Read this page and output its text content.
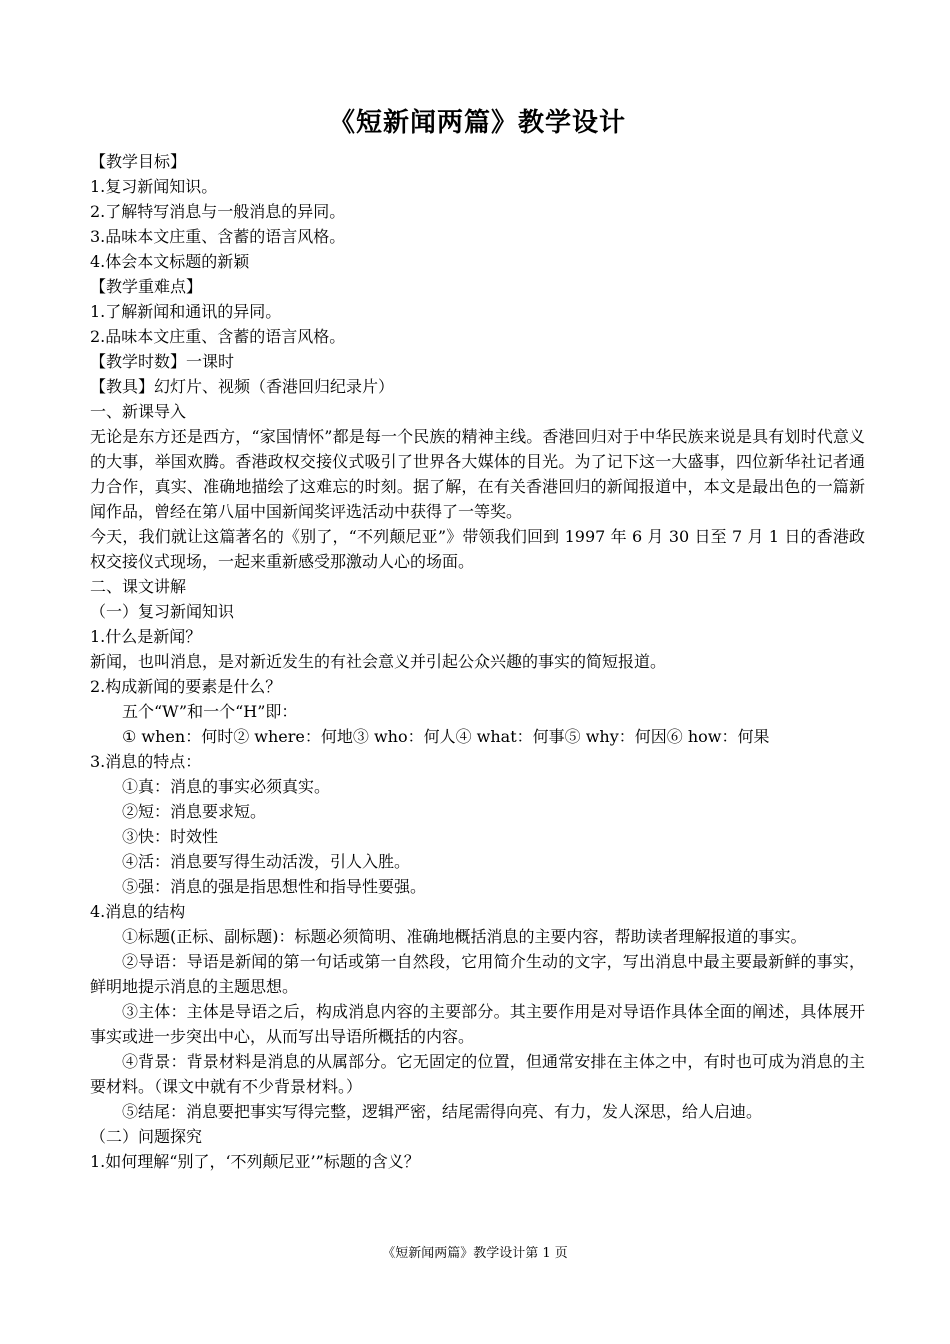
《短新闻两篇》教学设计

【教学目标】

1.复习新闻知识。

2.了解特写消息与一般消息的异同。

3.品味本文庄重、含蓄的语言风格。

4.体会本文标题的新颖

【教学重难点】

1.了解新闻和通讯的异同。

2.品味本文庄重、含蓄的语言风格。

【教学时数】一课时

【教具】幻灯片、视频（香港回归纪录片）

一、新课导入

无论是东方还是西方，“家国情怀”都是每一个民族的精神主线。香港回归对于中华民族来说是具有划时代意义的大事，举国欢腾。香港政权交接仪式吸引了世界各大媒体的目光。为了记下这一大盛事，四位新华社记者通力合作，真实、准确地描绘了这难忘的时刻。据了解，在有关香港回归的新闻报道中，本文是最出色的一篇新闻作品，曾经在第八届中国新闻奖评选活动中获得了一等奖。

今天，我们就让这篇著名的《别了，“不列颠尼亚”》带领我们回到 1997 年 6 月 30 日至 7 月 1 日的香港政权交接仪式现场，一起来重新感受那激动人心的场面。

二、课文讲解

（一）复习新闻知识

1.什么是新闻？

新闻，也叫消息，是对新近发生的有社会意义并引起公众兴趣的事实的简短报道。

2.构成新闻的要素是什么？

五个“W”和一个“H”即：

① when：何时② where：何地③ who：何人④ what：何事⑤ why：何因⑥ how：何果

3.消息的特点：

①真：消息的事实必须真实。

②短：消息要求短。

③快：时效性

④活：消息要写得生动活泼，引人入胜。

⑤强：消息的强是指思想性和指导性要强。

4.消息的结构

①标题(正标、副标题)：标题必须简明、准确地概括消息的主要内容，帮助读者理解报道的事实。

②导语：导语是新闻的第一句话或第一自然段，它用简介生动的文字，写出消息中最主要最新鲜的事实，鲜明地提示消息的主题思想。

③主体：主体是导语之后，构成消息内容的主要部分。其主要作用是对导语作具体全面的阐述，具体展开事实或进一步突出中心，从而写出导语所概括的内容。

④背景：背景材料是消息的从属部分。它无固定的位置，但通常安排在主体之中，有时也可成为消息的主要材料。（课文中就有不少背景材料。）

⑤结尾：消息要把事实写得完整，逻辑严密，结尾需得向亮、有力，发人深思，给人启迪。

（二）问题探究

1.如何理解“别了，‘不列颠尼亚’”标题的含义？

《短新闻两篇》教学设计第 1 页
